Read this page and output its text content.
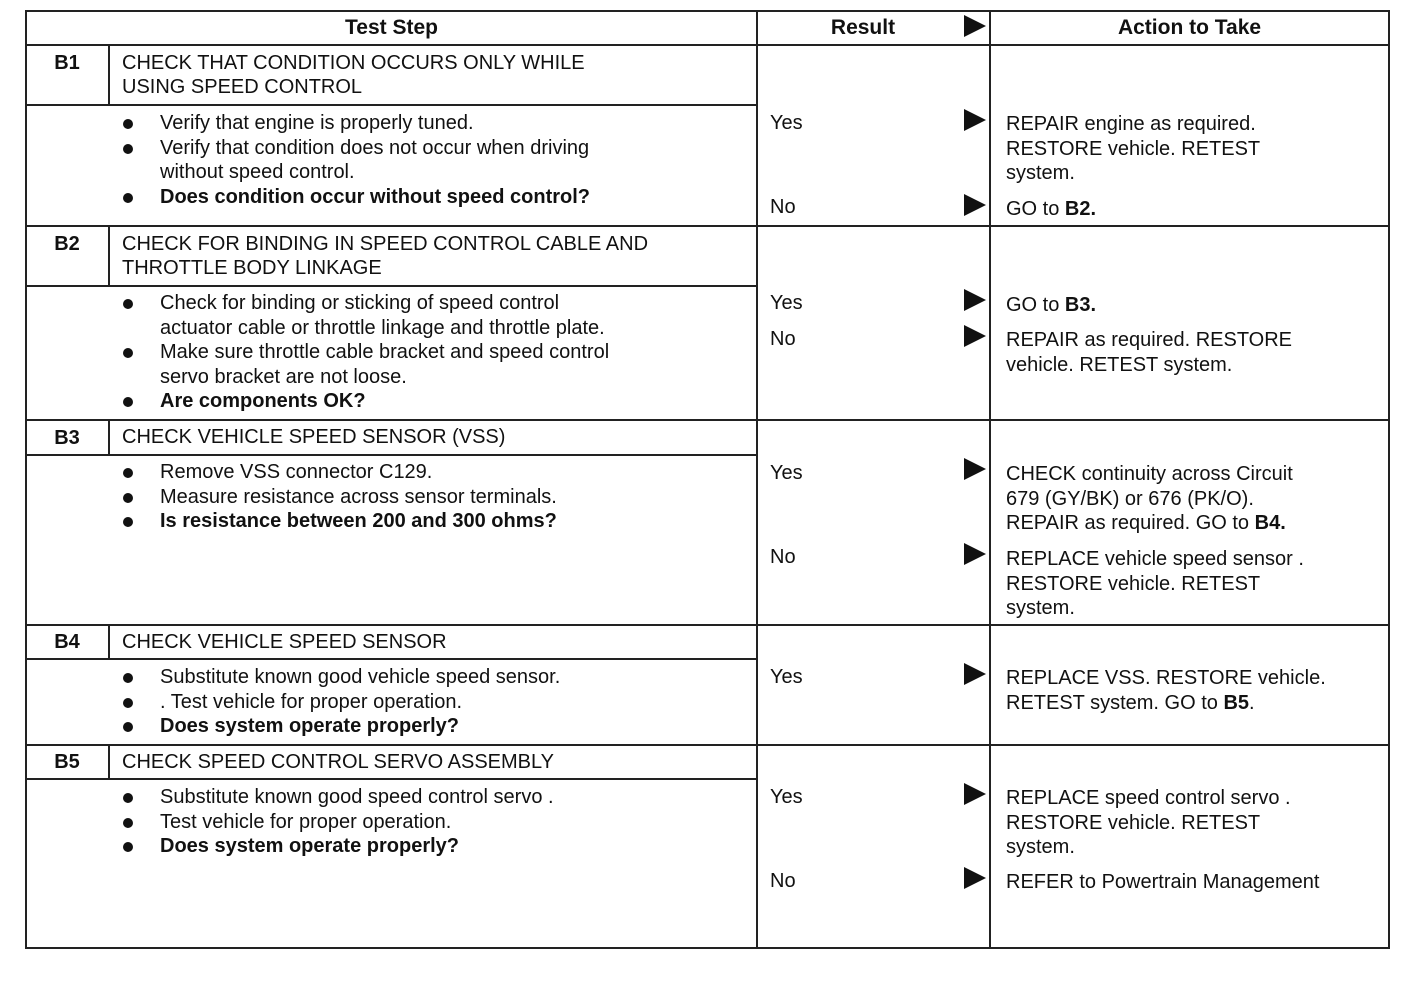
Test Step	Result	Action to Take
B1	CHECK THAT CONDITION OCCURS ONLY WHILE
USING SPEED CONTROL
Verify that engine is properly tuned.
Verify that condition does not occur when driving
without speed control.
Does condition occur without speed control?
Yes	REPAIR engine as required.
RESTORE vehicle. RETEST
system.
No	GO to B2.
B2	CHECK FOR BINDING IN SPEED CONTROL CABLE AND
THROTTLE BODY LINKAGE
Check for binding or sticking of speed control
actuator cable or throttle linkage and throttle plate.
Make sure throttle cable bracket and speed control
servo bracket are not loose.
Are components OK?
Yes	GO to B3.
No	REPAIR as required. RESTORE
vehicle. RETEST system.
B3	CHECK VEHICLE SPEED SENSOR (VSS)
Remove VSS connector C129.
Measure resistance across sensor terminals.
Is resistance between 200 and 300 ohms?
Yes	CHECK continuity across Circuit
679 (GY/BK) or 676 (PK/O).
REPAIR as required. GO to B4.
No	REPLACE vehicle speed sensor .
RESTORE vehicle. RETEST
system.
B4	CHECK VEHICLE SPEED SENSOR
Substitute known good vehicle speed sensor.
. Test vehicle for proper operation.
Does system operate properly?
Yes	REPLACE VSS. RESTORE vehicle.
RETEST system. GO to B5.
B5	CHECK SPEED CONTROL SERVO ASSEMBLY
Substitute known good speed control servo .
Test vehicle for proper operation.
Does system operate properly?
Yes	REPLACE speed control servo .
RESTORE vehicle. RETEST
system.
No	REFER to Powertrain Management
